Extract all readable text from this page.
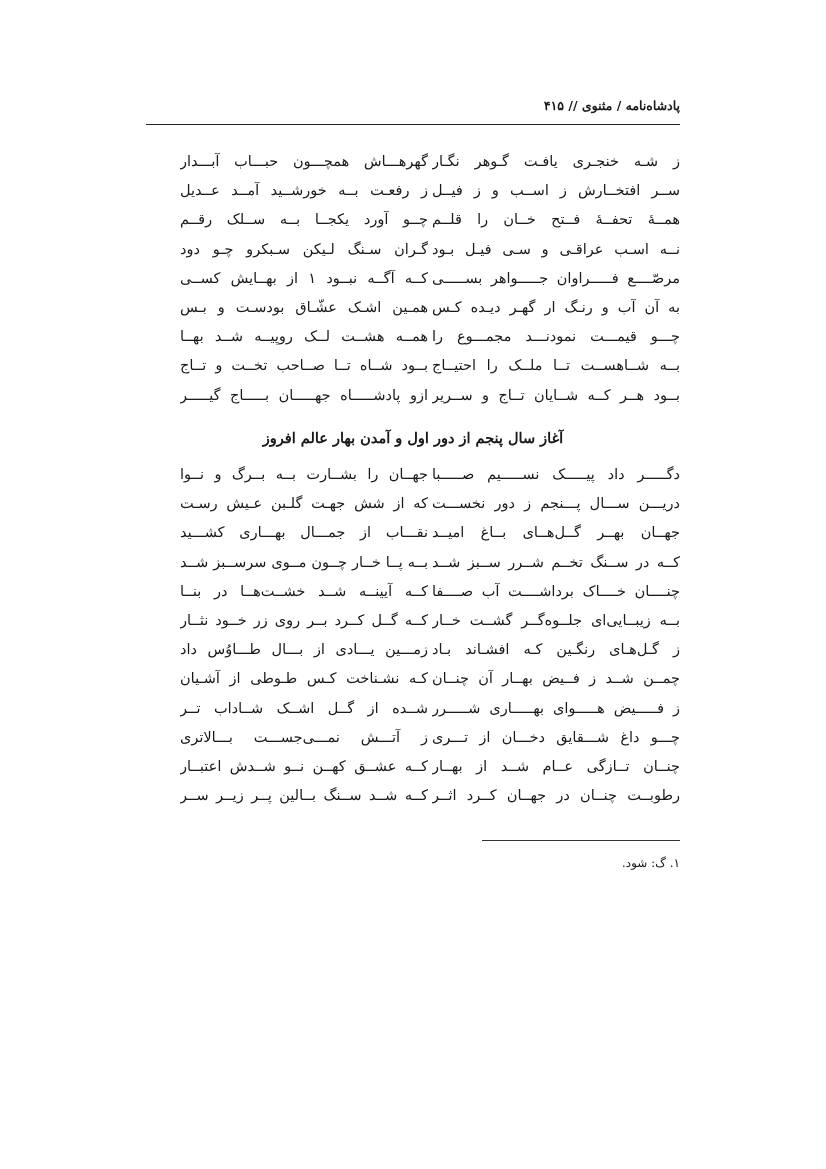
پادشاه‌نامه / مثنوی // ۴۱۵
ز شـه خنجـری یافـت گـوهر نگـار
گهرهـــاش همچـــون حبـــاب آبـــدار
ســر افتخــارش ز اســب و ز فیــل
ز رفعـت بــه خورشــید آمــد عــدیل
همــهٔ تحفــهٔ فــتح خــان را قلــم
چــو آورد یکجــا بــه ســلک رقــم
نــه اسـب عراقـی و سـی فیـل بـود
گـران سـنگ لـیکن سـبکرو چـو دود
مرصّــــع فـــــراوان جـــــواهر بســـــی
کــه آگــه نبــود ۱ از بهــایش کســی
به آن آب و رنـگ ار گهـر دیـده کـس
همـین اشـک عشّـاق بودسـت و بـس
چـــو قیمـــت نمودنـــد مجمـــوع را
همــه هشــت لــک روپیــه شــد بهــا
بــه شــاهســت تــا ملــک را احتیــاج
بــود شــاه تــا صــاحب تخــت و تــاج
بــود هــر کــه شــایان تــاج و ســریر
ازو پادشـــــاه جهـــــان بـــــاج گیـــــر
آغاز سال پنجم از دور اول و آمدن بهار عالم افروز
دگـــــر داد پیـــــک نســـــیم صـــــبا
جهــان را بشــارت بــه بــرگ و نــوا
دریـــن ســـال پـــنجم ز دور نخســـت
که از شش جهـت گلـبن عـیش رسـت
جهــان بهــر گــل‌هــای بــاغ امیــد
نقـــاب از جمـــال بهـــاری کشـــید
کــه در ســنگ تخــم شــرر ســبز شــد
بــه پــا خــار چــون مــوی سرســبز شــد
چنــــان خــــاک برداشــــت آب صــــفا
کــه آیینــه شــد خشــت‌هــا در بنــا
بــه زیبــایی‌ای جلــوه‌گــر گشــت خــار
کــه گــل کــرد بــر روی زر خــود نثــار
ز گـل‌هـای رنگـین کـه افشـاند بـاد
زمـــین یـــادی از بـــال طـــاوُس داد
چمــن شــد ز فــیض بهــار آن چنــان
کـه نشـناخت کـس طـوطی از آشـیان
ز فـــــیض هـــــوای بهـــــاری شـــــرر
شــده از گــل اشــک شــاداب تــر
چـــو داغ شـــقایق دخـــان از تـــری
ز آتـــش نمـــی‌جســـت بـــالاتری
چنــان تــازگی عــام شــد از بهــار
کــه عشــق کهــن نــو شــدش اعتبــار
رطوبــت چنــان در جهــان کــرد اثــر
کــه شــد ســنگ بــالین پــر زیــر ســر
۱. گ: شود.
